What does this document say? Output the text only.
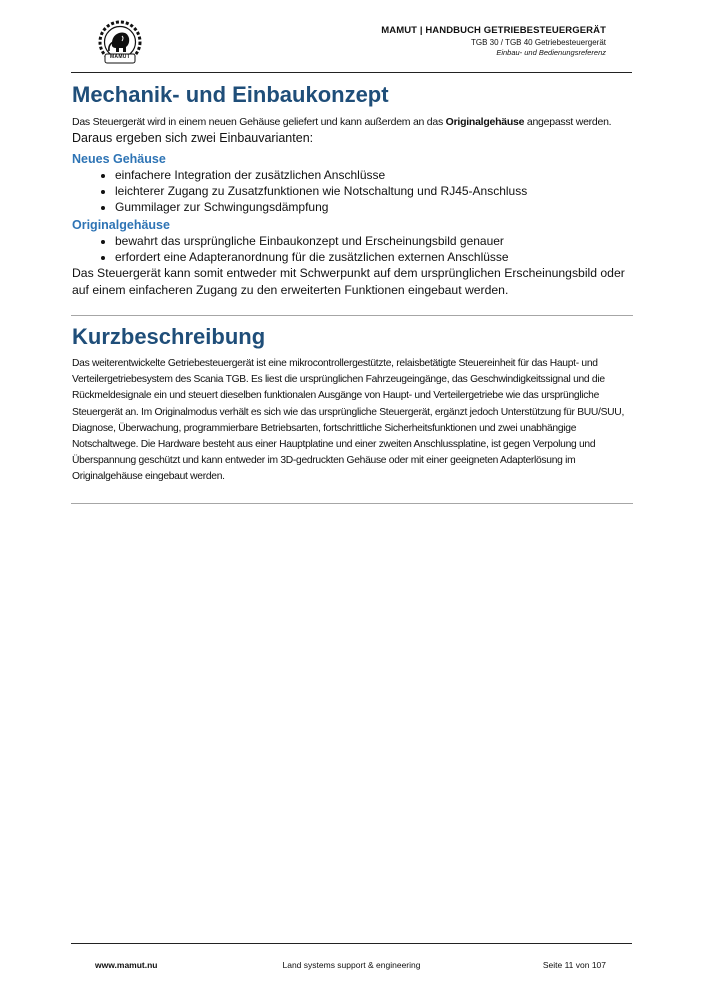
MAMUT
MAMUT | HANDBUCH GETRIEBESTEUERGERÄT
TGB 30 / TGB 40 Getriebesteuergerät
Einbau- und Bedienungsreferenz
Mechanik- und Einbaukonzept
Das Steuergerät wird in einem neuen Gehäuse geliefert und kann außerdem an das Originalgehäuse angepasst werden.
Daraus ergeben sich zwei Einbauvarianten:
Neues Gehäuse
• einfachere Integration der zusätzlichen Anschlüsse
• leichterer Zugang zu Zusatzfunktionen wie Notschaltung und RJ45-Anschluss
• Gummilager zur Schwingungsdämpfung
Originalgehäuse
• bewahrt das ursprüngliche Einbaukonzept und Erscheinungsbild genauer
• erfordert eine Adapteranordnung für die zusätzlichen externen Anschlüsse
Das Steuergerät kann somit entweder mit Schwerpunkt auf dem ursprünglichen Erscheinungsbild oder auf einem einfacheren Zugang zu den erweiterten Funktionen eingebaut werden.
Kurzbeschreibung
Das weiterentwickelte Getriebesteuergerät ist eine mikrocontrollergestützte, relaisbetätigte Steuereinheit für das Haupt- und Verteilergetriebesystem des Scania TGB. Es liest die ursprünglichen Fahrzeugeingänge, das Geschwindigkeitssignal und die Rückmeldesignale ein und steuert dieselben funktionalen Ausgänge von Haupt- und Verteilergetriebe wie das ursprüngliche Steuergerät an. Im Originalmodus verhält es sich wie das ursprüngliche Steuergerät, ergänzt jedoch Unterstützung für BUU/SUU, Diagnose, Überwachung, programmierbare Betriebsarten, fortschrittliche Sicherheitsfunktionen und zwei unabhängige Notschaltwege. Die Hardware besteht aus einer Hauptplatine und einer zweiten Anschlussplatine, ist gegen Verpolung und Überspannung geschützt und kann entweder im 3D-gedruckten Gehäuse oder mit einer geeigneten Adapterlösung im Originalgehäuse eingebaut werden.
www.mamut.nu	Land systems support & engineering	Seite 11 von 107
